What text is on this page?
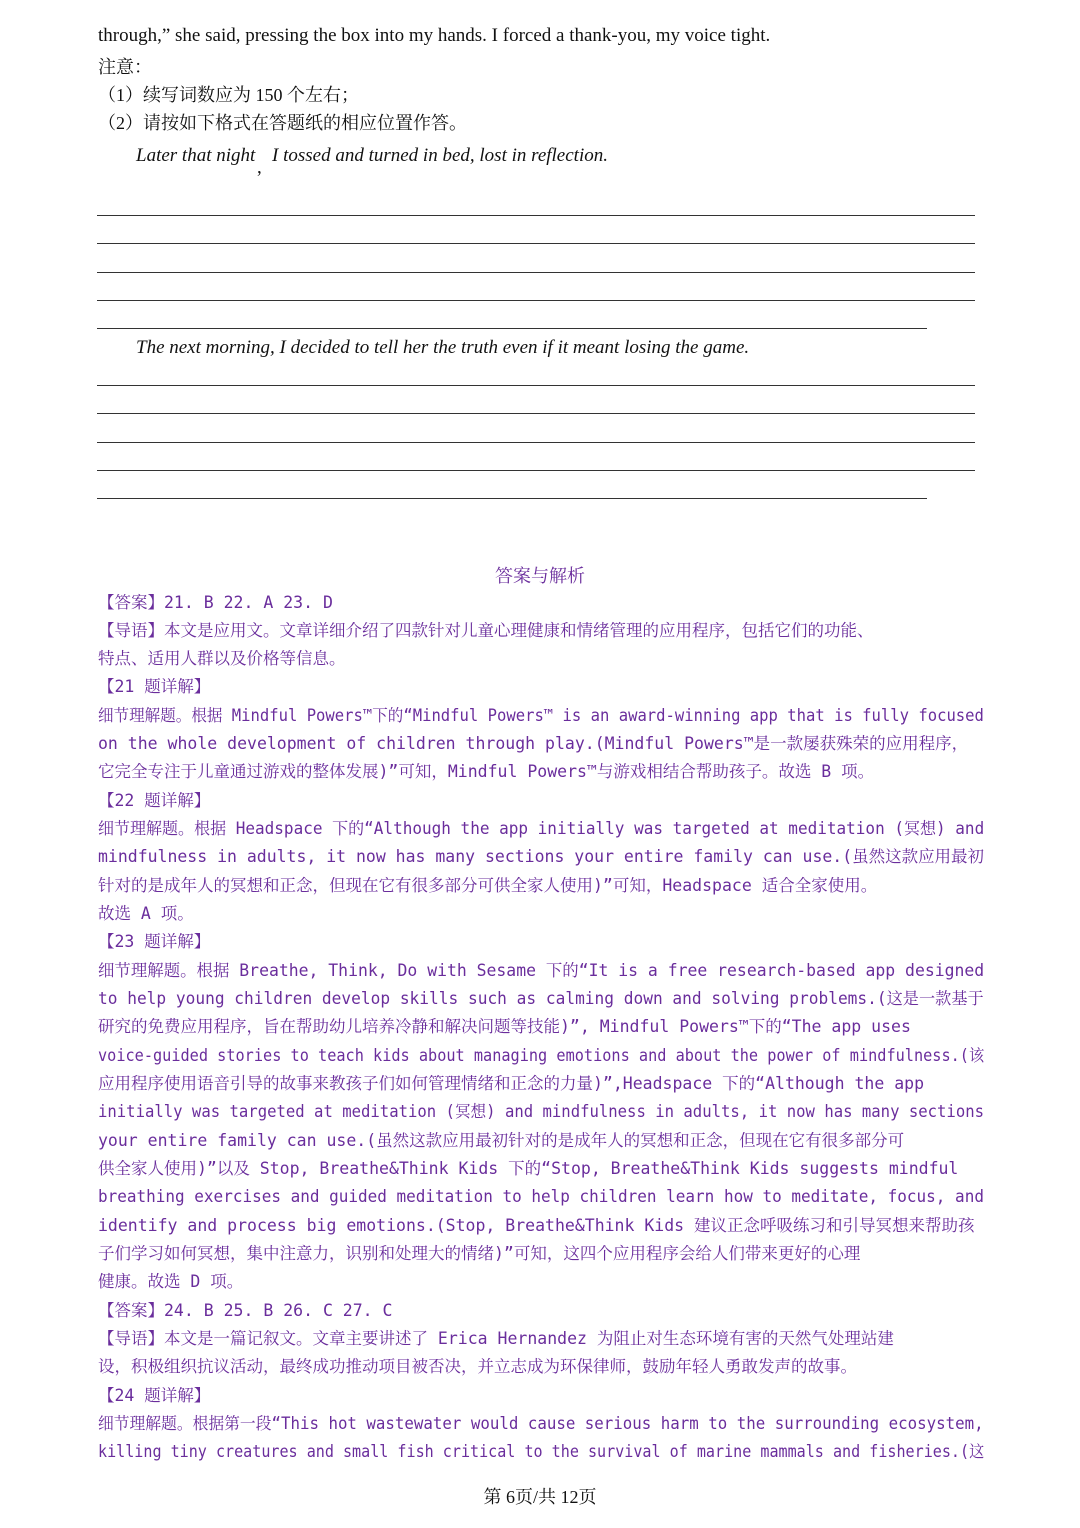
through,” she said, pressing the box into my hands. I forced a thank-you, my voice tight.
注意：
（1）续写词数应为 150 个左右；
（2）请按如下格式在答题纸的相应位置作答。
Later that night
,
I tossed and turned in bed, lost in reflection.
The next morning, I decided to tell her the truth even if it meant losing the game.
答案与解析

【答案】21. B 22. A 23. D

【导语】本文是应用文。文章详细介绍了四款针对儿童心理健康和情绪管理的应用程序，包括它们的功能、

特点、适用人群以及价格等信息。

【21 题详解】

细节理解题。根据 Mindful Powers™下的“Mindful Powers™ is an award-winning app that is fully focused

on the whole development of children through play.(Mindful Powers™是一款屡获殊荣的应用程序，

它完全专注于儿童通过游戏的整体发展)”可知，Mindful Powers™与游戏相结合帮助孩子。故选 B 项。

【22 题详解】

细节理解题。根据 Headspace 下的“Although the app initially was targeted at meditation (冥想) and

mindfulness in adults, it now has many sections your entire family can use.(虽然这款应用最初

针对的是成年人的冥想和正念，但现在它有很多部分可供全家人使用)”可知，Headspace 适合全家使用。

故选 A 项。

【23 题详解】

细节理解题。根据 Breathe, Think, Do with Sesame 下的“It is a free research-based app designed

to help young children develop skills such as calming down and solving problems.(这是一款基于

研究的免费应用程序，旨在帮助幼儿培养冷静和解决问题等技能)”, Mindful Powers™下的“The app uses

voice-guided stories to teach kids about managing emotions and about the power of mindfulness.(该

应用程序使用语音引导的故事来教孩子们如何管理情绪和正念的力量)”,Headspace 下的“Although the app

initially was targeted at meditation (冥想) and mindfulness in adults, it now has many sections

your entire family can use.(虽然这款应用最初针对的是成年人的冥想和正念，但现在它有很多部分可

供全家人使用)”以及 Stop, Breathe&Think Kids 下的“Stop, Breathe&Think Kids suggests mindful

breathing exercises and guided meditation to help children learn how to meditate, focus, and

identify and process big emotions.(Stop, Breathe&Think Kids 建议正念呼吸练习和引导冥想来帮助孩

子们学习如何冥想，集中注意力，识别和处理大的情绪)”可知，这四个应用程序会给人们带来更好的心理

健康。故选 D 项。

【答案】24. B 25. B 26. C 27. C

【导语】本文是一篇记叙文。文章主要讲述了 Erica Hernandez 为阻止对生态环境有害的天然气处理站建

设，积极组织抗议活动，最终成功推动项目被否决，并立志成为环保律师，鼓励年轻人勇敢发声的故事。

【24 题详解】

细节理解题。根据第一段“This hot wastewater would cause serious harm to the surrounding ecosystem,

killing tiny creatures and small fish critical to the survival of marine mammals and fisheries.(这

第 6页/共 12页
